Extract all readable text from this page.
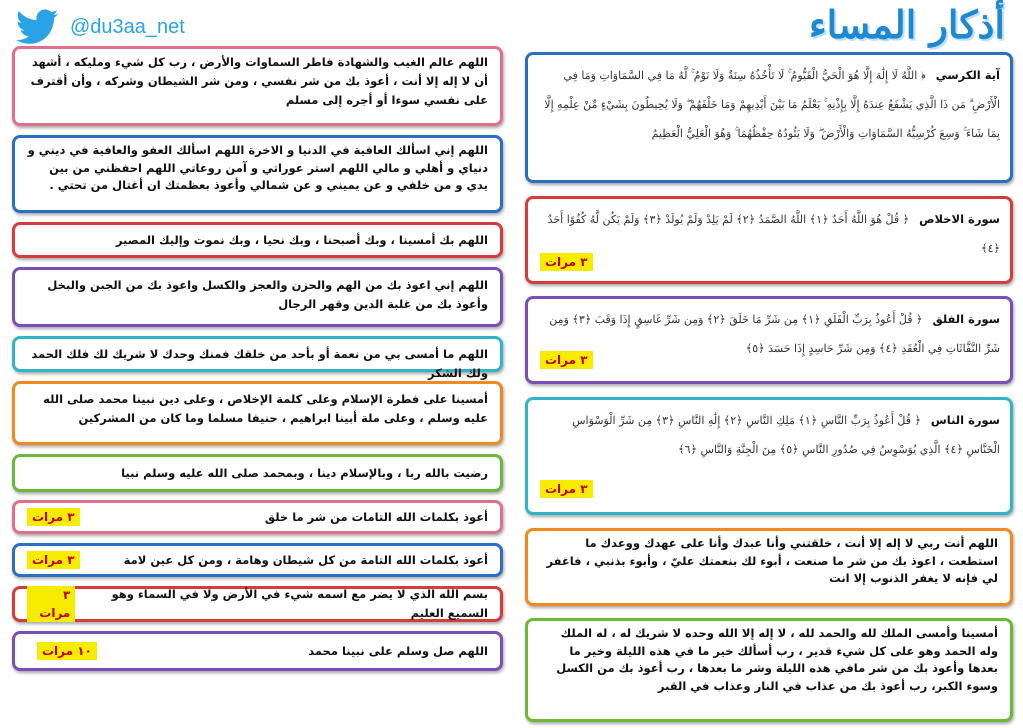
أذكار المساء
@du3aa_net
آية الكرسي ﴿ اللَّهُ لَا إِلَٰهَ إِلَّا هُوَ الْحَيُّ الْقَيُّومُ ۚ لَا تَأْخُذُهُ سِنَةٌ وَلَا نَوْمٌ ۚ لَّهُ مَا فِي السَّمَاوَاتِ وَمَا فِي الْأَرْضِ ۗ مَن ذَا الَّذِي يَشْفَعُ عِندَهُ إِلَّا بِإِذْنِهِ ۚ يَعْلَمُ مَا بَيْنَ أَيْدِيهِمْ وَمَا خَلْفَهُمْ ۖ وَلَا يُحِيطُونَ بِشَيْءٍ مِّنْ عِلْمِهِ إِلَّا بِمَا شَاءَ ۚ وَسِعَ كُرْسِيُّهُ السَّمَاوَاتِ وَالْأَرْضَ ۖ وَلَا يَئُودُهُ حِفْظُهُمَا ۚ وَهُوَ الْعَلِيُّ الْعَظِيمُ
سورة الاخلاص ﴿ قُلْ هُوَ اللَّهُ أَحَدٌ ﴿١﴾ اللَّهُ الصَّمَدُ ﴿٢﴾ لَمْ يَلِدْ وَلَمْ يُولَدْ ﴿٣﴾ وَلَمْ يَكُن لَّهُ كُفُوًا أَحَدٌ ﴿٤﴾
٣ مرات
سورة الفلق ﴿ قُلْ أَعُوذُ بِرَبِّ الْفَلَقِ ﴿١﴾ مِن شَرِّ مَا خَلَقَ ﴿٢﴾ وَمِن شَرِّ غَاسِقٍ إِذَا وَقَبَ ﴿٣﴾ وَمِن شَرِّ النَّفَّاثَاتِ فِي الْعُقَدِ ﴿٤﴾ وَمِن شَرِّ حَاسِدٍ إِذَا حَسَدَ ﴿٥﴾
٣ مرات
سورة الناس ﴿ قُلْ أَعُوذُ بِرَبِّ النَّاسِ ﴿١﴾ مَلِكِ النَّاسِ ﴿٢﴾ إِلَٰهِ النَّاسِ ﴿٣﴾ مِن شَرِّ الْوَسْوَاسِ الْخَنَّاسِ ﴿٤﴾ الَّذِي يُوَسْوِسُ فِي صُدُورِ النَّاسِ ﴿٥﴾ مِنَ الْجِنَّةِ وَالنَّاسِ ﴿٦﴾
٣ مرات
اللهم أنت ربي لا إله إلا أنت ، خلقتني وأنا عبدك وأنا على عهدك ووعدك ما استطعت ، اعوذ بك من شر ما صنعت ، أبوء لك بنعمتك عليّ ، وأبوء بذنبي ، فاغفر لي فإنه لا يغفر الذنوب إلا انت
أمسينا وأمسى الملك لله والحمد لله ، لا إله إلا الله وحده لا شريك له ، له الملك وله الحمد وهو على كل شيء قدير ، رب أسألك خير ما في هذه الليلة وخير ما بعدها وأعوذ بك من شر مافي هذه الليلة وشر ما بعدها ، رب أعوذ بك من الكسل وسوء الكبر، رب أعوذ بك من عذاب في النار وعذاب في القبر
اللهم عالم الغيب والشهادة فاطر السماوات والأرض ، رب كل شيء ومليكه ، أشهد أن لا إله إلا أنت ، أعوذ بك من شر نفسي ، ومن شر الشيطان وشركه ، وأن أقترف على نفسي سوءا أو أجره إلى مسلم
اللهم إني اسألك العافية في الدنيا و الاخرة اللهم اسألك العفو والعافية في ديني و دنياي و أهلي و مالي اللهم استر عوراتي و آمن روعاتي اللهم احفظني من بين يدي و من خلفي و عن يميني و عن شمالي وأعوذ بعظمتك ان أغتال من تحتي .
اللهم بك أمسينا ، وبك أصبحنا ، وبك نحيا ، وبك نموت وإليك المصير
اللهم إني اعوذ بك من الهم والحزن والعجز والكسل واعوذ بك من الجبن والبخل وأعوذ بك من غلبة الدين وقهر الرجال
اللهم ما أمسى بي من نعمة أو بأحد من خلقك فمنك وحدك لا شريك لك فلك الحمد ولك الشكر
أمسينا على فطرة الإسلام وعلى كلمة الإخلاص ، وعلى دين نبينا محمد صلى الله عليه وسلم ، وعلى ملة أبينا ابراهيم ، حنيفا مسلما وما كان من المشركين
رضيت بالله ربا ، وبالإسلام دينا ، وبمحمد صلى الله عليه وسلم نبيا
أعوذ بكلمات الله التامات من شر ما خلق
٣ مرات
أعوذ بكلمات الله التامة من كل شيطان وهامة ، ومن كل عين لامة
٣ مرات
بسم الله الذي لا يضر مع اسمه شيء في الأرض ولا في السماء وهو السميع العليم
٣ مرات
اللهم صل وسلم على نبينا محمد
١٠ مرات
